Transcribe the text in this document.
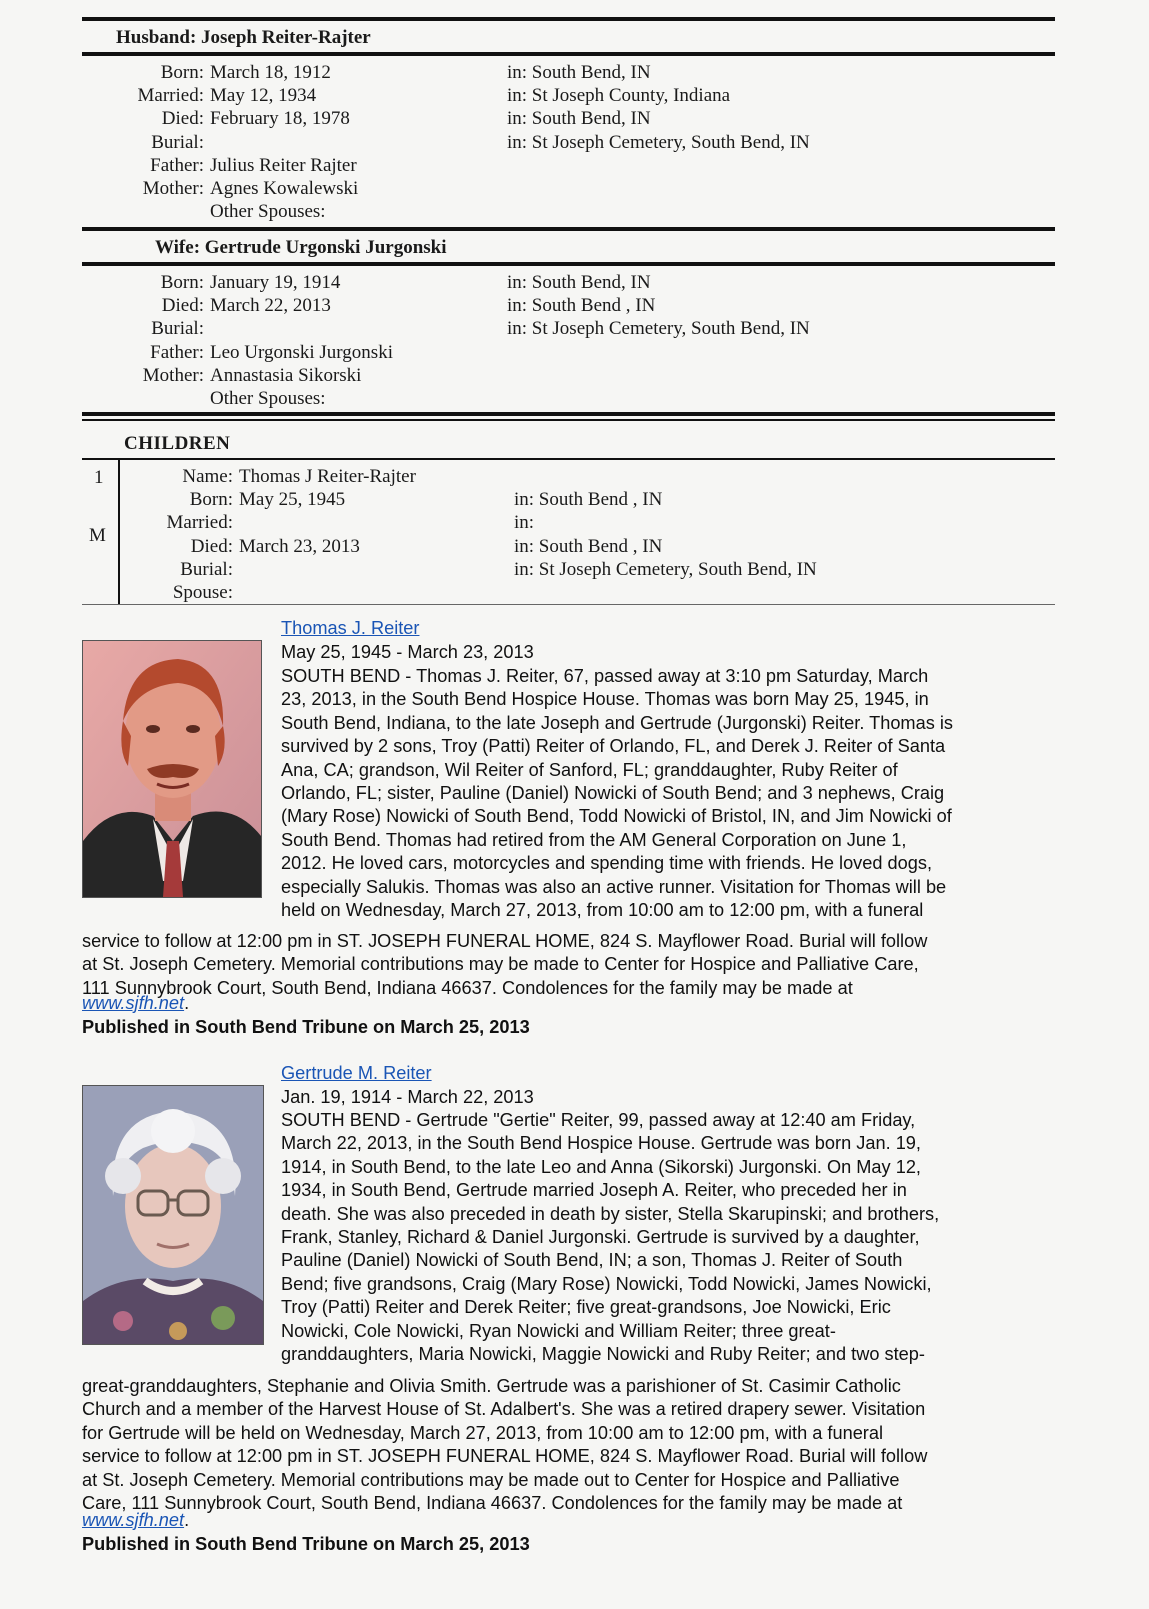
Husband: Joseph Reiter-Rajter
Born: March 18, 1912	in: South Bend, IN
Married: May 12, 1934	in: St Joseph County, Indiana
Died: February 18, 1978	in: South Bend, IN
Burial:	in: St Joseph Cemetery, South Bend, IN
Father: Julius Reiter Rajter
Mother: Agnes Kowalewski
Other Spouses:
Wife: Gertrude Urgonski Jurgonski
Born: January 19, 1914	in: South Bend, IN
Died: March 22, 2013	in: South Bend , IN
Burial:	in: St Joseph Cemetery, South Bend, IN
Father: Leo Urgonski Jurgonski
Mother: Annastasia Sikorski
Other Spouses:
CHILDREN
1
M
Name: Thomas J Reiter-Rajter
Born: May 25, 1945	in: South Bend , IN
Married:	in:
Died: March 23, 2013	in: South Bend , IN
Burial:	in: St Joseph Cemetery, South Bend, IN
Spouse:
Thomas J. Reiter
May 25, 1945 - March 23, 2013
SOUTH BEND - Thomas J. Reiter, 67, passed away at 3:10 pm Saturday, March
23, 2013, in the South Bend Hospice House. Thomas was born May 25, 1945, in
South Bend, Indiana, to the late Joseph and Gertrude (Jurgonski) Reiter. Thomas is
survived by 2 sons, Troy (Patti) Reiter of Orlando, FL, and Derek J. Reiter of Santa
Ana, CA; grandson, Wil Reiter of Sanford, FL; granddaughter, Ruby Reiter of
Orlando, FL; sister, Pauline (Daniel) Nowicki of South Bend; and 3 nephews, Craig
(Mary Rose) Nowicki of South Bend, Todd Nowicki of Bristol, IN, and Jim Nowicki of
South Bend. Thomas had retired from the AM General Corporation on June 1,
2012. He loved cars, motorcycles and spending time with friends. He loved dogs,
especially Salukis. Thomas was also an active runner. Visitation for Thomas will be
held on Wednesday, March 27, 2013, from 10:00 am to 12:00 pm, with a funeral
service to follow at 12:00 pm in ST. JOSEPH FUNERAL HOME, 824 S. Mayflower Road. Burial will follow
at St. Joseph Cemetery. Memorial contributions may be made to Center for Hospice and Palliative Care,
111 Sunnybrook Court, South Bend, Indiana 46637. Condolences for the family may be made at
www.sjfh.net.
Published in South Bend Tribune on March 25, 2013
Gertrude M. Reiter
Jan. 19, 1914 - March 22, 2013
SOUTH BEND - Gertrude "Gertie" Reiter, 99, passed away at 12:40 am Friday,
March 22, 2013, in the South Bend Hospice House. Gertrude was born Jan. 19,
1914, in South Bend, to the late Leo and Anna (Sikorski) Jurgonski. On May 12,
1934, in South Bend, Gertrude married Joseph A. Reiter, who preceded her in
death. She was also preceded in death by sister, Stella Skarupinski; and brothers,
Frank, Stanley, Richard & Daniel Jurgonski. Gertrude is survived by a daughter,
Pauline (Daniel) Nowicki of South Bend, IN; a son, Thomas J. Reiter of South
Bend; five grandsons, Craig (Mary Rose) Nowicki, Todd Nowicki, James Nowicki,
Troy (Patti) Reiter and Derek Reiter; five great-grandsons, Joe Nowicki, Eric
Nowicki, Cole Nowicki, Ryan Nowicki and William Reiter; three great-
granddaughters, Maria Nowicki, Maggie Nowicki and Ruby Reiter; and two step-
great-granddaughters, Stephanie and Olivia Smith. Gertrude was a parishioner of St. Casimir Catholic
Church and a member of the Harvest House of St. Adalbert's. She was a retired drapery sewer. Visitation
for Gertrude will be held on Wednesday, March 27, 2013, from 10:00 am to 12:00 pm, with a funeral
service to follow at 12:00 pm in ST. JOSEPH FUNERAL HOME, 824 S. Mayflower Road. Burial will follow
at St. Joseph Cemetery. Memorial contributions may be made out to Center for Hospice and Palliative
Care, 111 Sunnybrook Court, South Bend, Indiana 46637. Condolences for the family may be made at
www.sjfh.net.
Published in South Bend Tribune on March 25, 2013
